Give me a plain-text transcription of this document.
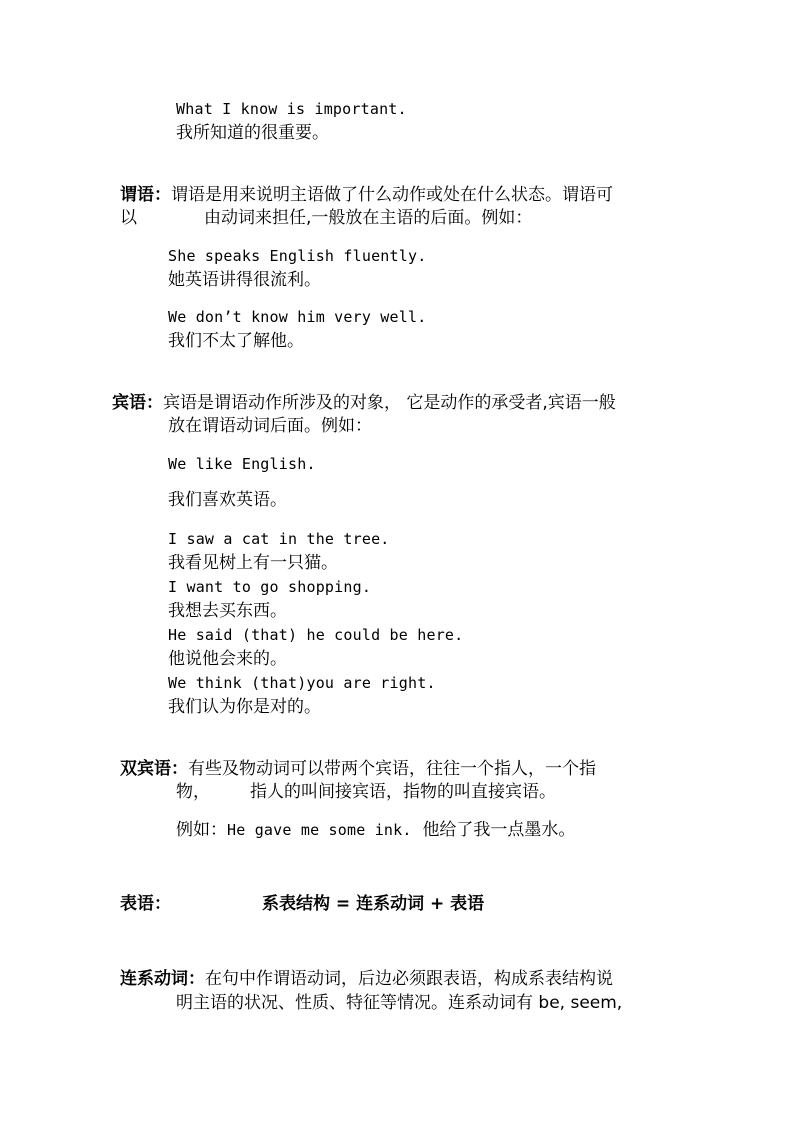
What I know is important.
我所知道的很重要。
谓语：谓语是用来说明主语做了什么动作或处在什么状态。谓语可
以	由动词来担任,一般放在主语的后面。例如：
She speaks English fluently.
她英语讲得很流利。
We don’t know him very well.
我们不太了解他。
宾语：宾语是谓语动作所涉及的对象， 它是动作的承受者,宾语一般
放在谓语动词后面。例如：
We like English.
我们喜欢英语。
I saw a cat in the tree.
我看见树上有一只猫。
I want to go shopping.
我想去买东西。
He said (that) he could be here.
他说他会来的。
We think (that)you are right.
我们认为你是对的。
双宾语：有些及物动词可以带两个宾语，往往一个指人，一个指
物， 指人的叫间接宾语，指物的叫直接宾语。
例如：He gave me some ink. 他给了我一点墨水。
表语：	系表结构 = 连系动词 + 表语
连系动词：在句中作谓语动词，后边必须跟表语，构成系表结构说
明主语的状况、性质、特征等情况。连系动词有 be, seem,
